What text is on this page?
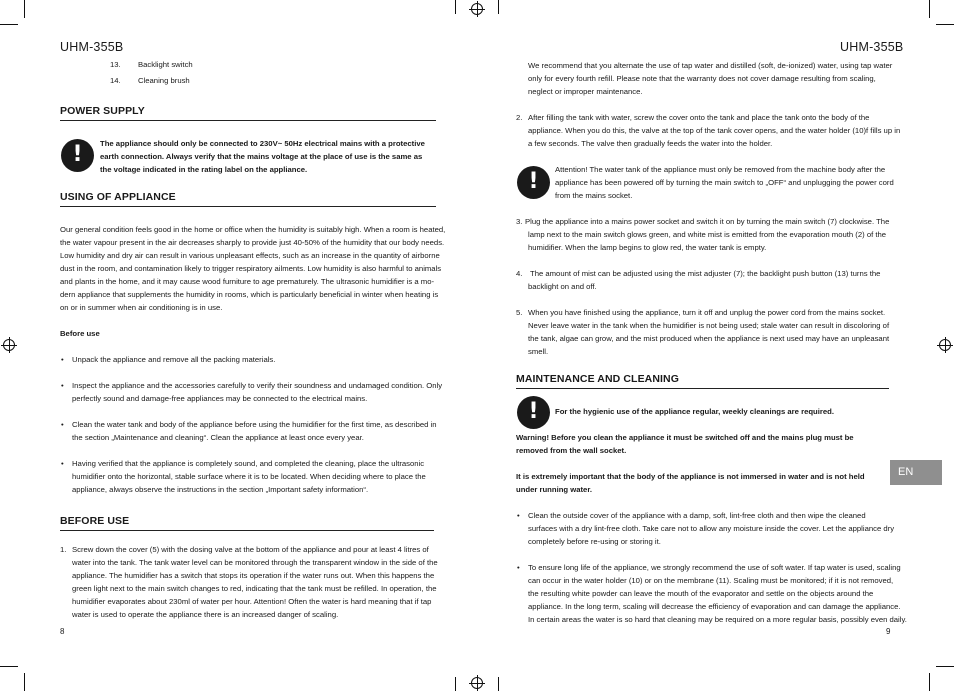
UHM-355B
13. Backlight switch
14. Cleaning brush
POWER SUPPLY
!	The appliance should only be connected to 230V~ 50Hz electrical mains with a protective
earth connection. Always verify that the mains voltage at the place of use is the same as
the voltage indicated in the rating label on the appliance.
USING OF APPLIANCE
Our general condition feels good in the home or office when the humidity is suitably high. When a room is heated,
the water vapour present in the air decreases sharply to provide just 40-50% of the humidity that our body needs.
Low humidity and dry air can result in various unpleasant effects, such as an increase in the quantity of airborne
dust in the room, and contamination likely to trigger respiratory ailments. Low humidity is also harmful to animals
and plants in the home, and it may cause wood furniture to age prematurely. The ultrasonic humidifier is a mo-
dern appliance that supplements the humidity in rooms, which is particularly beneficial in winter when heating is
on or in summer when air conditioning is in use.
Before use
• Unpack the appliance and remove all the packing materials.
• Inspect the appliance and the accessories carefully to verify their soundness and undamaged condition. Only
perfectly sound and damage-free appliances may be connected to the electrical mains.
• Clean the water tank and body of the appliance before using the humidifier for the first time, as described in
the section „Maintenance and cleaning“. Clean the appliance at least once every year.
• Having verified that the appliance is completely sound, and completed the cleaning, place the ultrasonic
humidifier onto the horizontal, stable surface where it is to be located. When deciding where to place the
appliance, always observe the instructions in the section „Important safety information“.
BEFORE USE
1. Screw down the cover (5) with the dosing valve at the bottom of the appliance and pour at least 4 litres of
water into the tank. The tank water level can be monitored through the transparent window in the side of the
appliance. The humidifier has a switch that stops its operation if the water runs out. When this happens the
green light next to the main switch changes to red, indicating that the tank must be refilled. In operation, the
humidifier evaporates about 230ml of water per hour. Attention! Often the water is hard meaning that if tap
water is used to operate the appliance there is an increased danger of scaling.
8
UHM-355B
We recommend that you alternate the use of tap water and distilled (soft, de-ionized) water, using tap water
only for every fourth refill. Please note that the warranty does not cover damage resulting from scaling,
neglect or improper maintenance.
2. After filling the tank with water, screw the cover onto the tank and place the tank onto the body of the
appliance. When you do this, the valve at the top of the tank cover opens, and the water holder (10)f fills up in
a few seconds. The valve then gradually feeds the water into the holder.
!	Attention! The water tank of the appliance must only be removed from the machine body after the
appliance has been powered off by turning the main switch to „OFF“ and unplugging the power cord
from the mains socket.
3. Plug the appliance into a mains power socket and switch it on by turning the main switch (7) clockwise. The
lamp next to the main switch glows green, and white mist is emitted from the evaporation mouth (2) of the
humidifier. When the lamp begins to glow red, the water tank is empty.
4. The amount of mist can be adjusted using the mist adjuster (7); the backlight push button (13) turns the
backlight on and off.
5. When you have finished using the appliance, turn it off and unplug the power cord from the mains socket.
Never leave water in the tank when the humidifier is not being used; stale water can result in discoloring of
the tank, algae can grow, and the mist produced when the appliance is next used may have an unpleasant
smell.
MAINTENANCE AND CLEANING
!	For the hygienic use of the appliance regular, weekly cleanings are required.
Warning! Before you clean the appliance it must be switched off and the mains plug must be
removed from the wall socket.
It is extremely important that the body of the appliance is not immersed in water and is not held
under running water.
• Clean the outside cover of the appliance with a damp, soft, lint-free cloth and then wipe the cleaned
surfaces with a dry lint-free cloth. Take care not to allow any moisture inside the cover. Let the appliance dry
completely before re-using or storing it.
• To ensure long life of the appliance, we strongly recommend the use of soft water. If tap water is used, scaling
can occur in the water holder (10) or on the membrane (11). Scaling must be monitored; if it is not removed,
the resulting white powder can leave the mouth of the evaporator and settle on the objects around the
appliance. In the long term, scaling will decrease the efficiency of evaporation and can damage the appliance.
In certain areas the water is so hard that cleaning may be required on a more regular basis, possibly even daily.
9
EN
